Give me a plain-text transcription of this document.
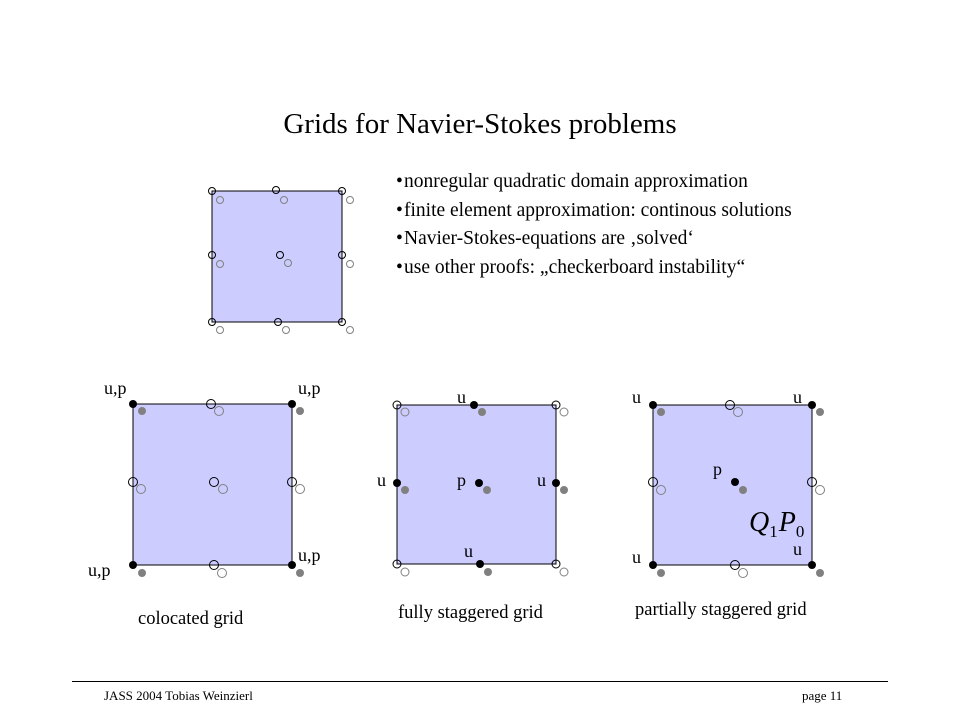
Grids for Navier-Stokes problems
• nonregular quadratic domain approximation
• finite element approximation: continous solutions
• Navier-Stokes-equations are ‚solved‘
• use other proofs: „checkerboard instability“
u,p	u,p
u,p
u,p
u
u	p	u
u
u	u
p
u	u
$Q_1P_0$
colocated grid	fully staggered grid	partially staggered grid
JASS 2004 Tobias Weinzierl	page 11
